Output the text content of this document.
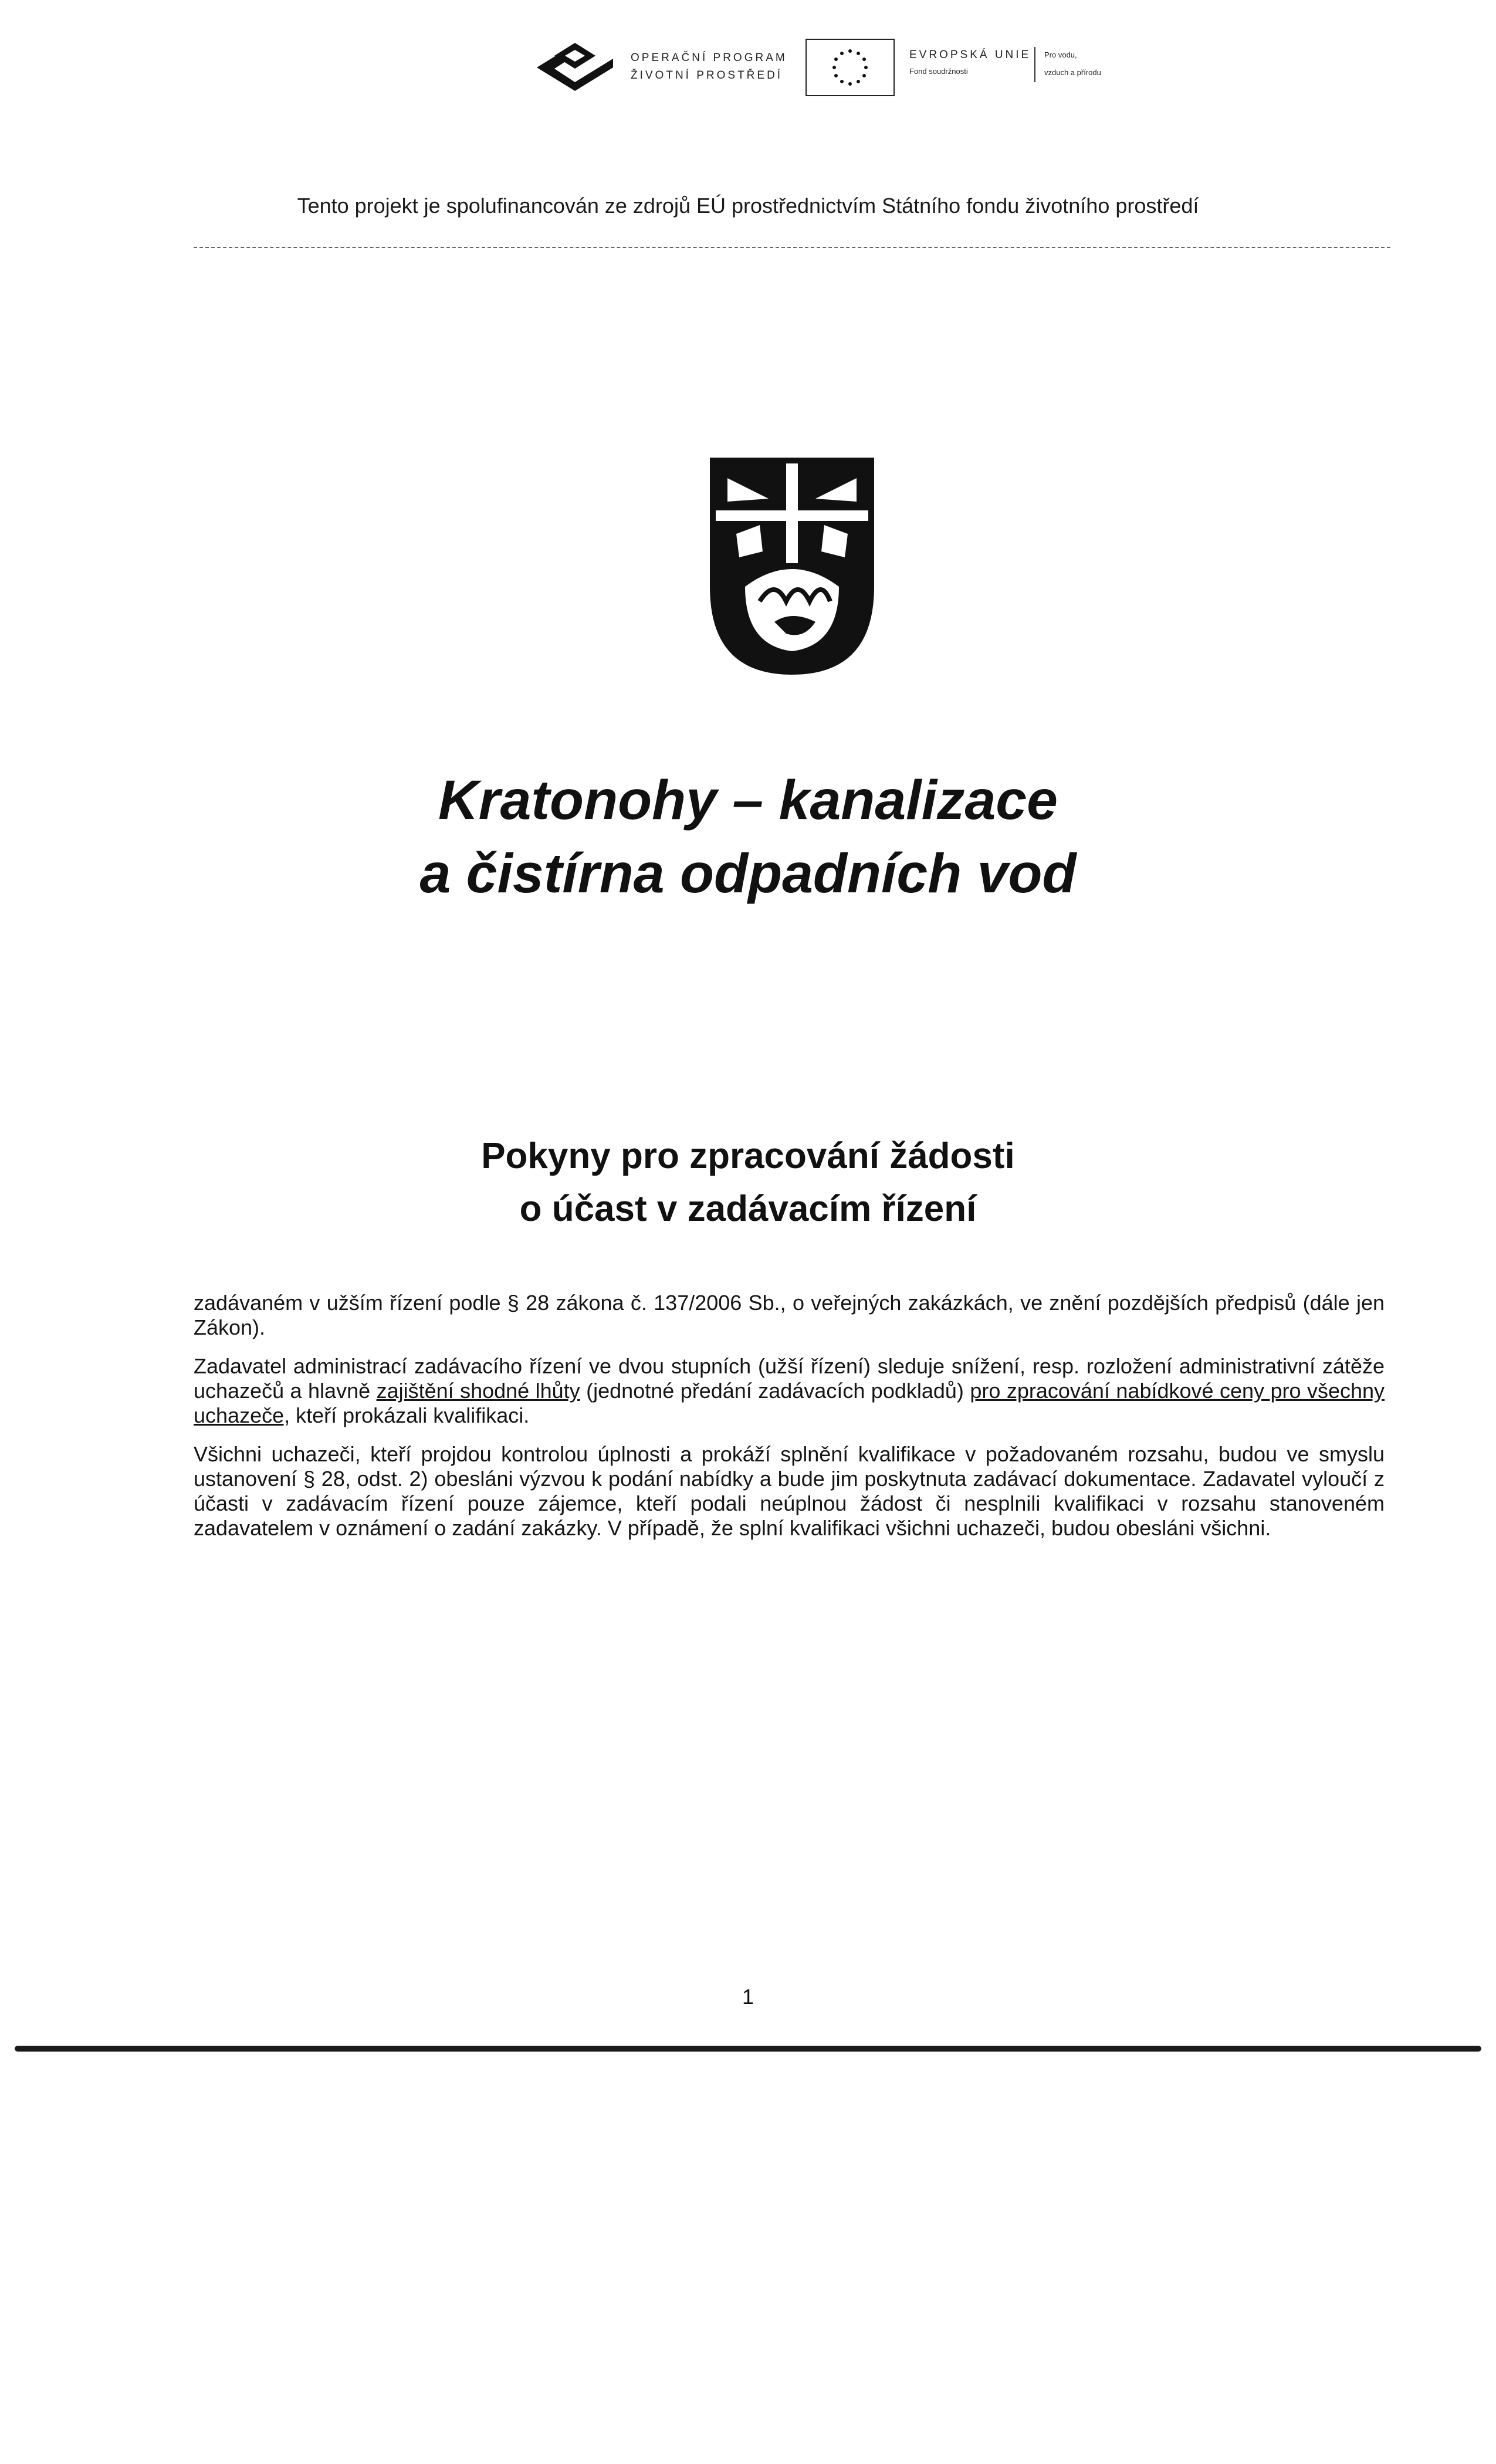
OPERAČNÍ PROGRAM
ŽIVOTNÍ PROSTŘEDÍ
EVROPSKÁ UNIE
Fond soudržnosti
Pro vodu,
vzduch a přírodu
Tento projekt je spolufinancován ze zdrojů EÚ prostřednictvím Státního fondu životního prostředí
Kratonohy – kanalizace
a čistírna odpadních vod
Pokyny pro zpracování žádosti
o účast v zadávacím řízení
zadávaném v užším řízení podle § 28 zákona č. 137/2006 Sb., o veřejných zakázkách, ve znění pozdějších předpisů (dále jen Zákon).
Zadavatel administrací zadávacího řízení ve dvou stupních (užší řízení) sleduje snížení, resp. rozložení administrativní zátěže uchazečů a hlavně zajištění shodné lhůty (jednotné předání zadávacích podkladů) pro zpracování nabídkové ceny pro všechny uchazeče, kteří prokázali kvalifikaci.
Všichni uchazeči, kteří projdou kontrolou úplnosti a prokáží splnění kvalifikace v požadovaném rozsahu, budou ve smyslu ustanovení § 28, odst. 2) obesláni výzvou k podání nabídky a bude jim poskytnuta zadávací dokumentace. Zadavatel vyloučí z účasti v zadávacím řízení pouze zájemce, kteří podali neúplnou žádost či nesplnili kvalifikaci v rozsahu stanoveném zadavatelem v oznámení o zadání zakázky. V případě, že splní kvalifikaci všichni uchazeči, budou obesláni všichni.
1
